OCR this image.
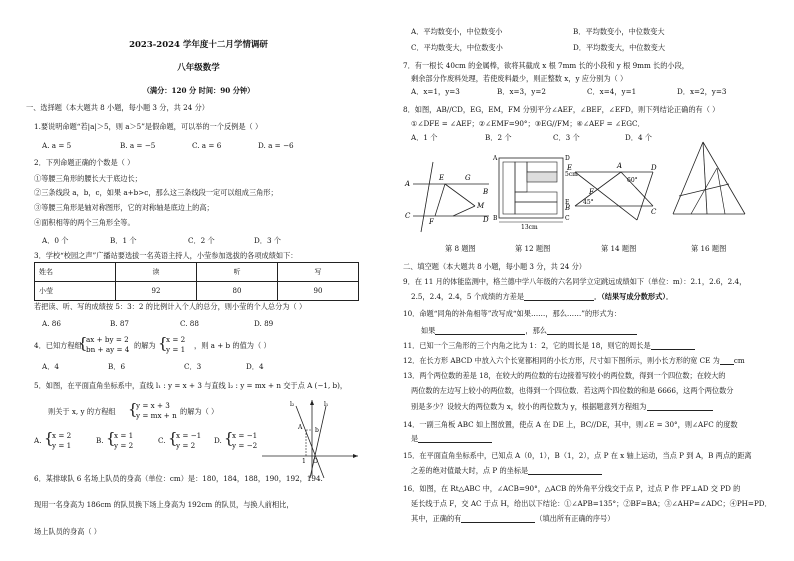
2023-2024 学年度十二月学情调研
八年级数学
（满分：120 分 时间：90 分钟）
一、选择题（本大题共 8 小题，每小题 3 分，共 24 分）
1.要说明命题“若|a|＞5，则 a＞5”是假命题，可以举的一个反例是（ ）
A. a = 5	B. a = −5	C. a = 6	D. a = −6
2．下列命题正确的个数是（ ）
①等腰三角形的腰长大于底边长；
②三条线段 a，b，c，如果 a+b>c，那么这三条线段一定可以组成三角形；
③等腰三角形是轴对称图形，它的对称轴是底边上的高；
④面积相等的两个三角形全等。
A．0 个	B．1 个	C．2 个	D．3 个
3．学校“校园之声”广播站要选拔一名英语主持人，小莹参加选拔的各项成绩如下：
姓名	读	听	写
小莹	92	80	90
若把读、听、写的成绩按 5：3：2 的比例计入个人的总分，则小莹的个人总分为（ ）
A. 86	B. 87	C. 88	D. 89
4．已知方程组
{
ax + by = 2
bn + ay = 4 的解为 {
x = 2
y = 1 ，则 a + b 的值为（ ）
A．4	B．6	C．3	D．4
5．如图，在平面直角坐标系中，直线 l₁ : y = x + 3 与直线 l₂ : y = mx + n 交于点 A (−1, b)，
则关于 x, y 的方程组 {
y = x + 3
y = mx + n 的解为（ ）
A. {
x = 2
y = 1
B. {
x = 1
y = 2
C. {
x = −1
y = 2
D. {
x = −1
y = −2
l₂	l₁
A b
1 O
6．某排球队 6 名场上队员的身高（单位：cm）是：180，184，188，190，192，194.
现用一名身高为 186cm 的队员换下场上身高为 192cm 的队员，与换人前相比，
场上队员的身高（ ）
A．平均数变小，中位数变小	B．平均数变小，中位数变大
C．平均数变大，中位数变小	D．平均数变大，中位数变大
7．有一根长 40cm 的金属棒，欲将其截成 x 根 7mm 长的小段和 y 根 9mm 长的小段，
剩余部分作废料处理，若使废料最少，则正整数 x，y 应分别为（ ）
A．x=1，y=3	B．x=3，y=2	C．x=4，y=1	D．x=2，y=3
8．如图，AB//CD，EG，EM，FM 分别平分∠AEF，∠BEF，∠EFD，则下列结论正确的有（ ）
①∠DFE = ∠AEF；②∠EMF=90°；③EG//FM；④∠AEF = ∠EGC．
A．1 个	B．2 个	C．3 个	D．4 个
A
E	G
B
M
C
F	D
A
B	C
D
E
13cm
5cm
E	D
F
A
B	C
60°
45°
第 8 题图	第 12 题图	第 14 题图	第 16 题图
二、填空题（本大题共 8 小题，每小题 3 分，共 24 分）
9．在 11 月的体能监测中，格兰德中学八年级的六名同学立定跳远成绩如下（单位：m）：2.1，2.6，2.4，
2.5，2.4，2.4，5 个成绩的方差是	．（结果写成分数形式）．
10．命题“同角的补角相等”改写成“如果……，那么……”的形式为：
如果	，那么
11．已知一个三角形的三个内角之比为 1：2，它的周长是 18，则它的周长是
12．在长方形 ABCD 中放入六个长宽都相同的小长方形，尺寸如下图所示，则小长方形的宽 CE 为 cm
13．两个两位数的差是 18，在较大的两位数的右边接着写较小的两位数，得到一个四位数；在较大的
两位数的左边写上较小的两位数，也得到一个四位数．若这两个四位数的和是 6666，这两个两位数分
别是多少？设较大的两位数为 x，较小的两位数为 y，根据题意列方程组为
14．一副三角板 ABC 如上图放置，使点 A 在 DE 上，BC//DE，其中，则∠E = 30°，则∠AFC 的度数
是
15．在平面直角坐标系中，已知点 A（0，1），B（1，2），点 P 在 x 轴上运动，当点 P 到 A，B 两点的距离
之差的绝对值最大时，点 P 的坐标是
16．如图，在 Rt△ABC 中，∠ACB=90°，△ACB 的外角平分线交于点 P，过点 P 作 PF⊥AD 交 PD 的
延长线于点 F，交 AC 于点 H，给出以下结论：①∠APB=135°；②BF=BA；③∠AHP=∠ADC；④PH=PD．
其中，正确的有	（填出所有正确的序号）
